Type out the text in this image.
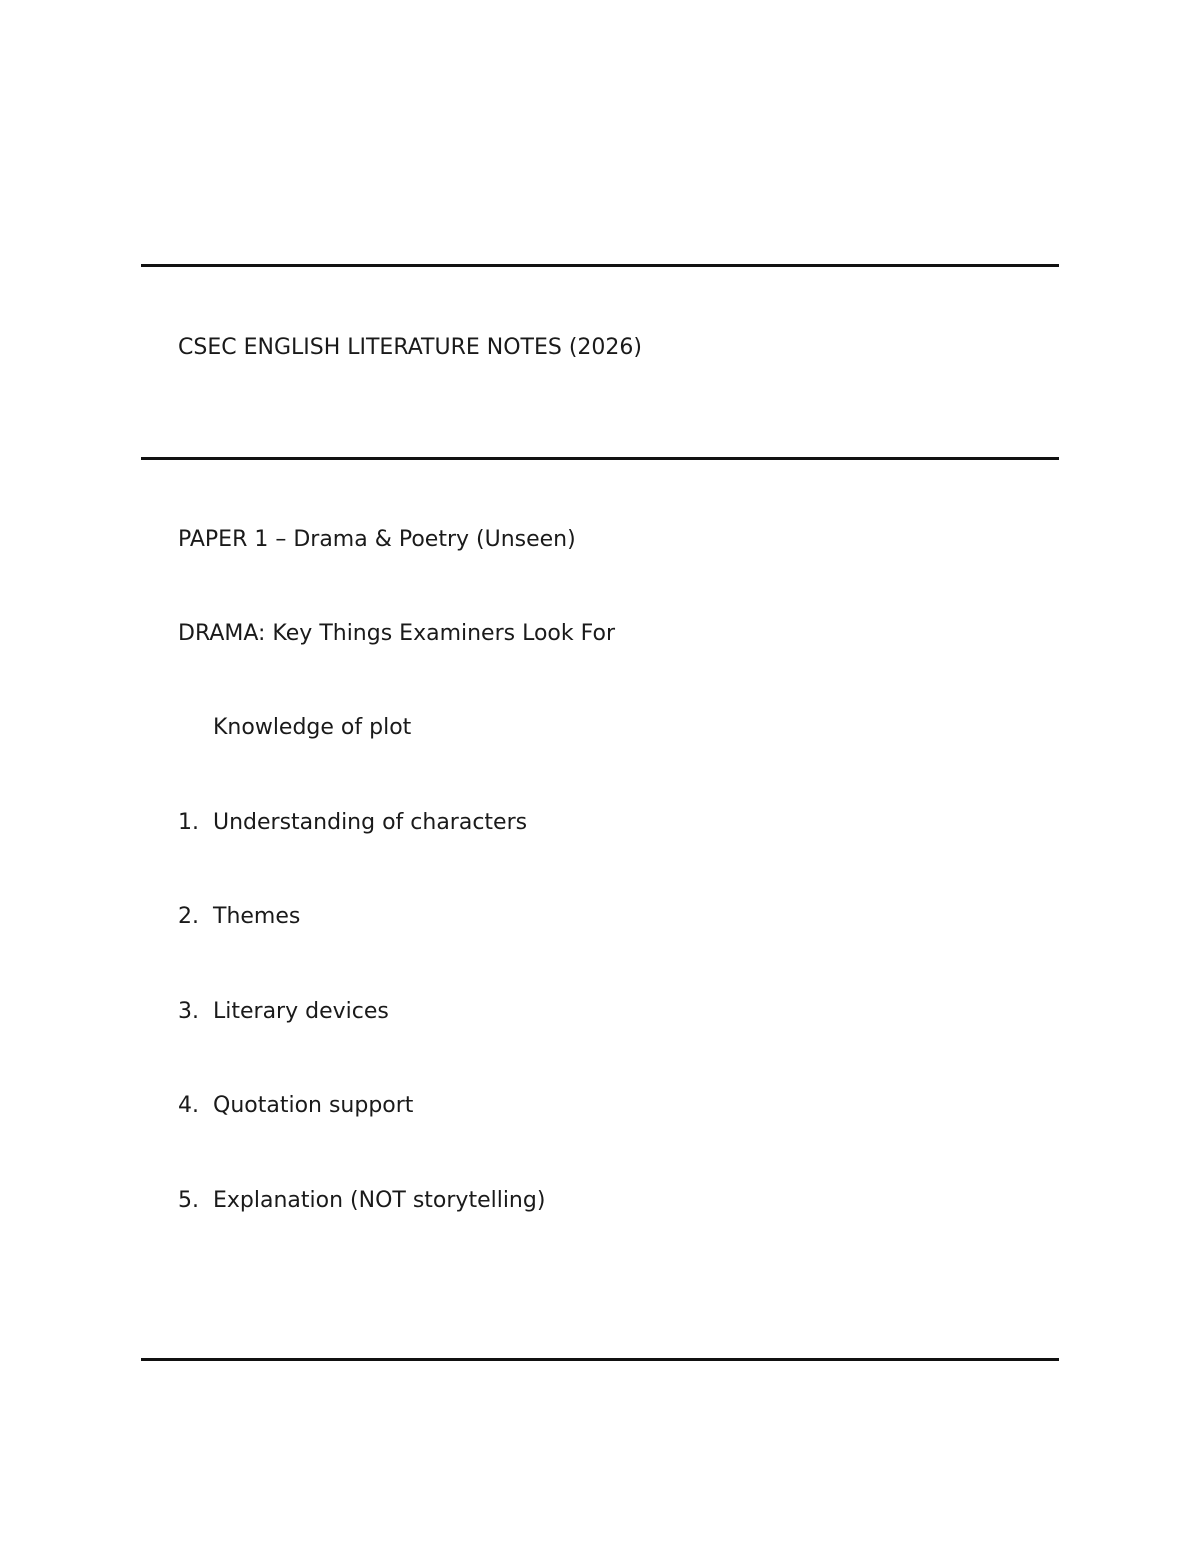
CSEC ENGLISH LITERATURE NOTES (2026)
PAPER 1 – Drama & Poetry (Unseen)
DRAMA: Key Things Examiners Look For
Knowledge of plot
1. Understanding of characters
2. Themes
3. Literary devices
4. Quotation support
5. Explanation (NOT storytelling)
